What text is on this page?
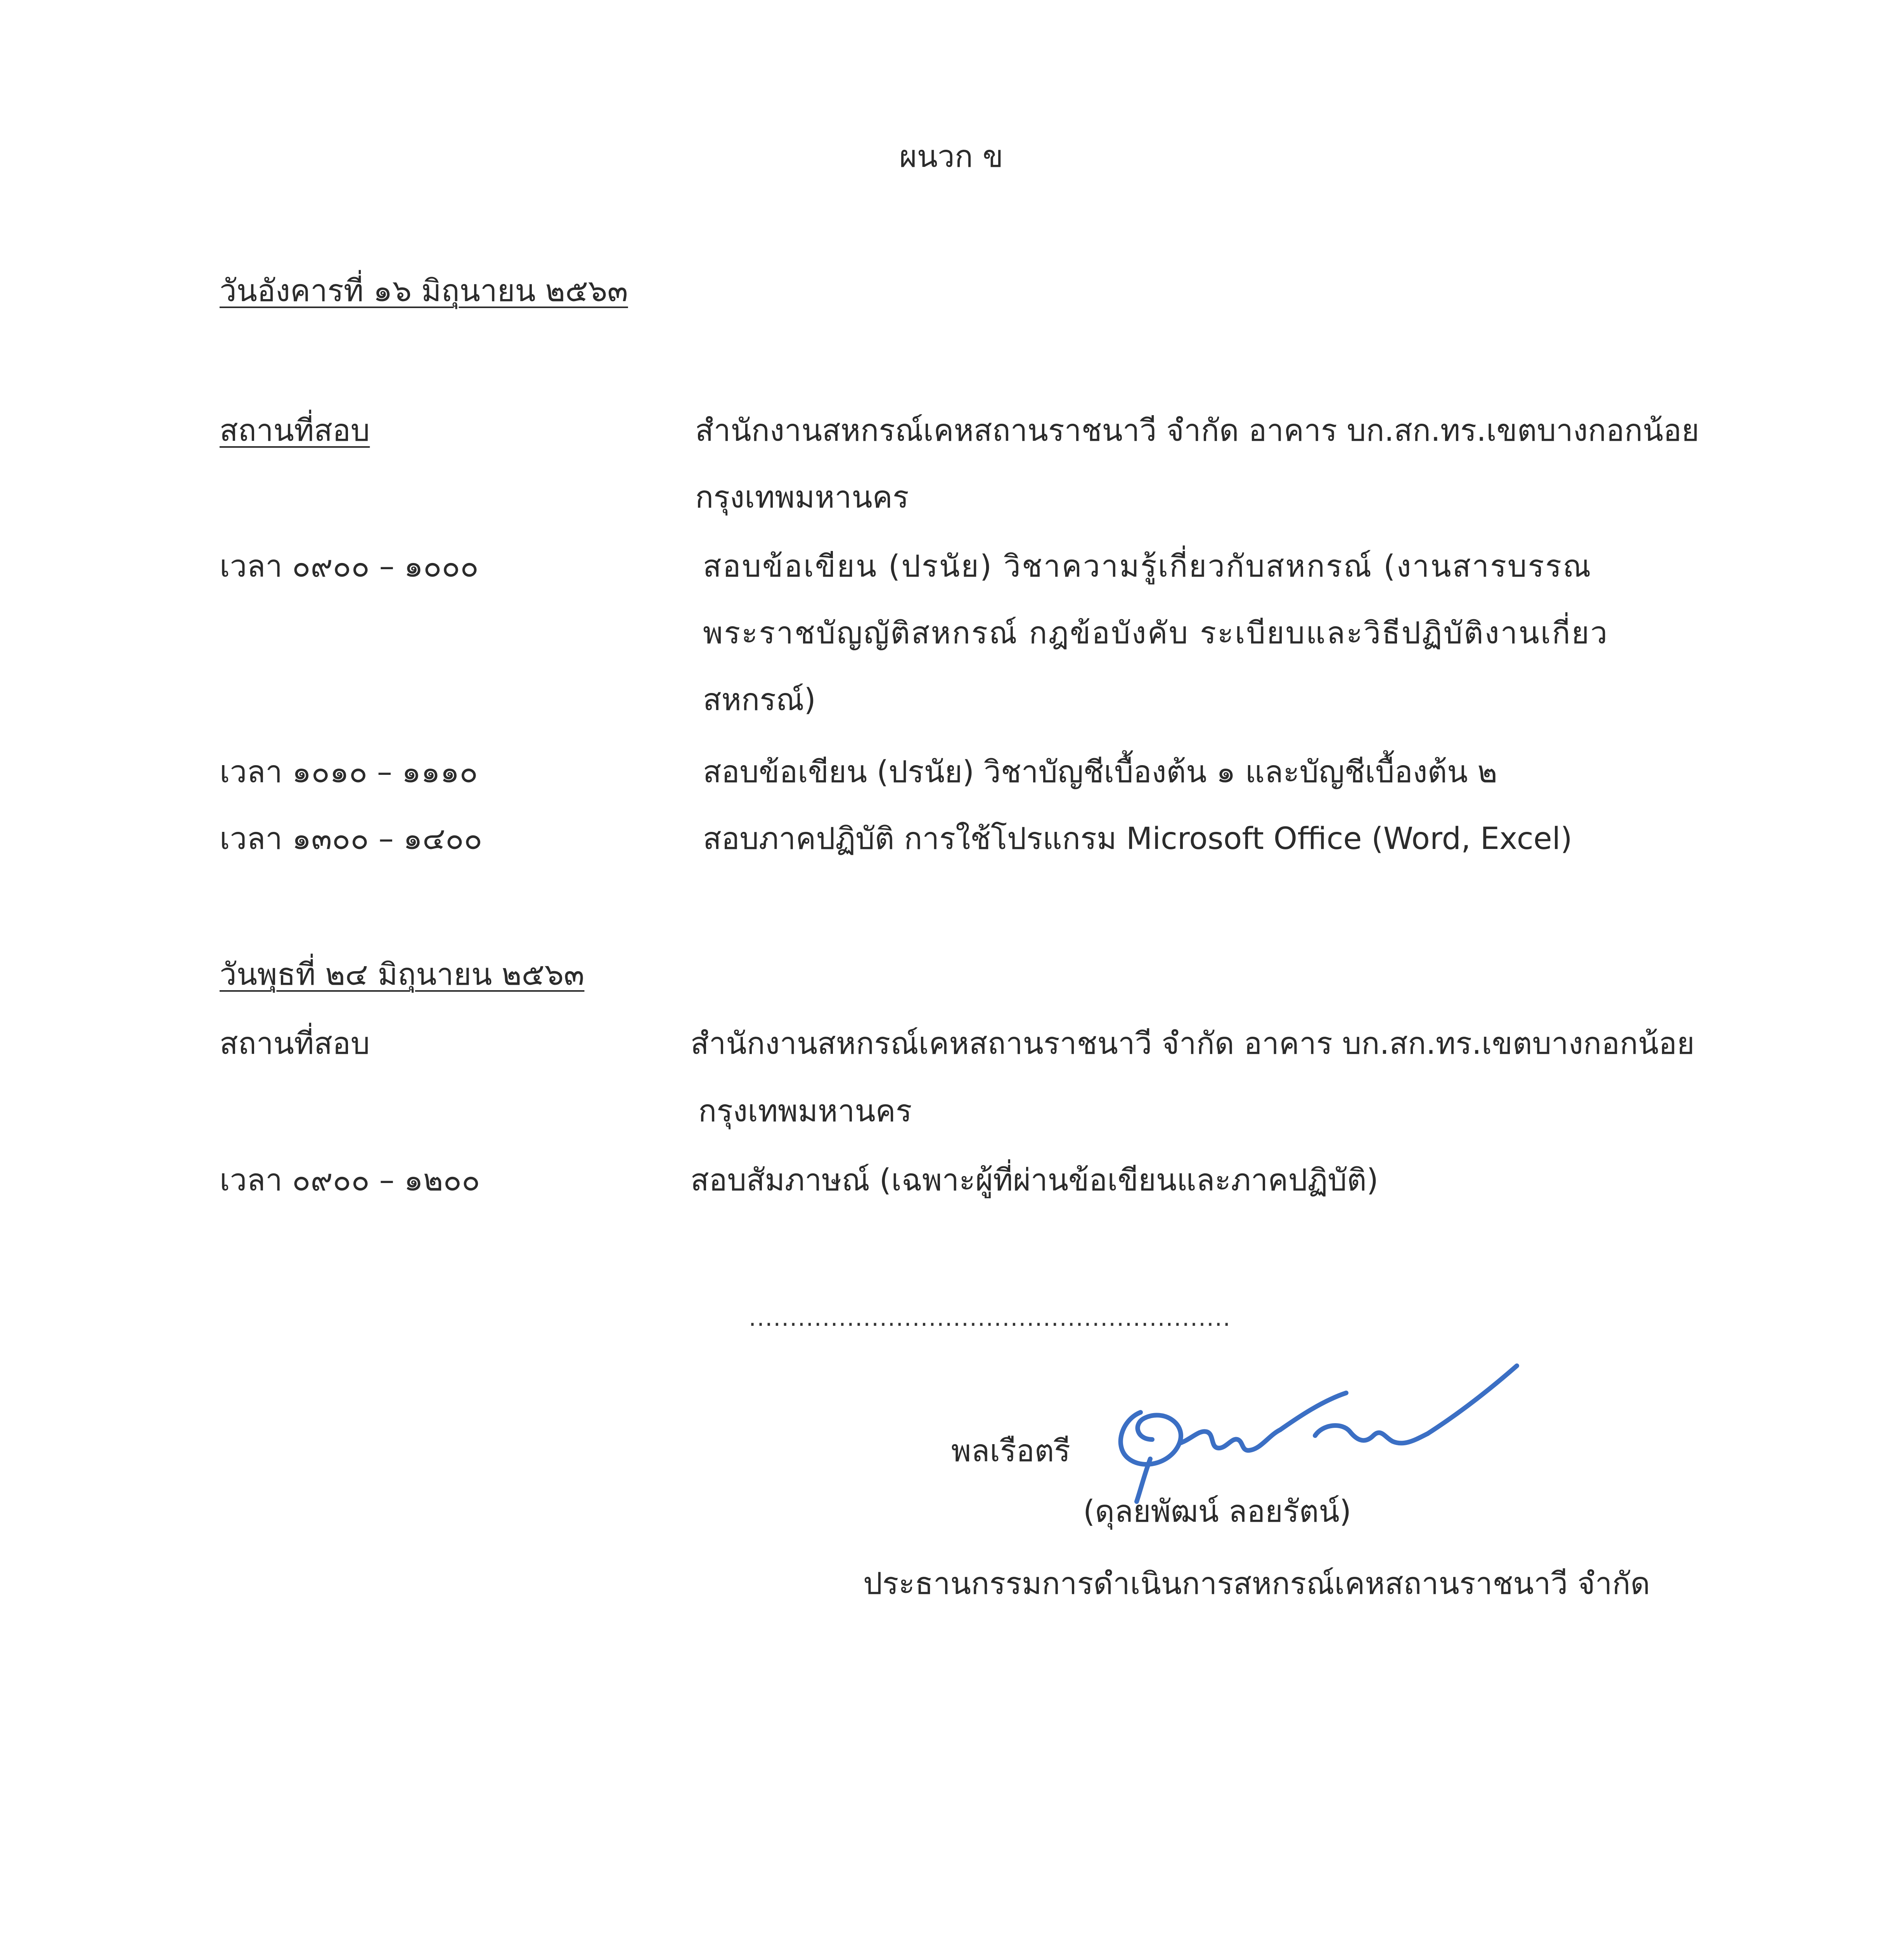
ผนวก ข
วันอังคารที่ ๑๖ มิถุนายน ๒๕๖๓
สถานที่สอบ	สำนักงานสหกรณ์เคหสถานราชนาวี จำกัด อาคาร บก.สก.ทร.เขตบางกอกน้อย
กรุงเทพมหานคร
เวลา ๐๙๐๐ – ๑๐๐๐	สอบข้อเขียน (ปรนัย) วิชาความรู้เกี่ยวกับสหกรณ์ (งานสารบรรณ
พระราชบัญญัติสหกรณ์ กฎข้อบังคับ ระเบียบและวิธีปฏิบัติงานเกี่ยว
สหกรณ์)
เวลา ๑๐๑๐ – ๑๑๑๐	สอบข้อเขียน (ปรนัย) วิชาบัญชีเบื้องต้น ๑ และบัญชีเบื้องต้น ๒
เวลา ๑๓๐๐ – ๑๔๐๐	สอบภาคปฏิบัติ การใช้โปรแกรม Microsoft Office (Word, Excel)
วันพุธที่ ๒๔ มิถุนายน ๒๕๖๓
สถานที่สอบ	สำนักงานสหกรณ์เคหสถานราชนาวี จำกัด อาคาร บก.สก.ทร.เขตบางกอกน้อย
กรุงเทพมหานคร
เวลา ๐๙๐๐ – ๑๒๐๐	สอบสัมภาษณ์ (เฉพาะผู้ที่ผ่านข้อเขียนและภาคปฏิบัติ)
...........................................................
พลเรือตรี
(ดุลยพัฒน์ ลอยรัตน์)
ประธานกรรมการดำเนินการสหกรณ์เคหสถานราชนาวี จำกัด
